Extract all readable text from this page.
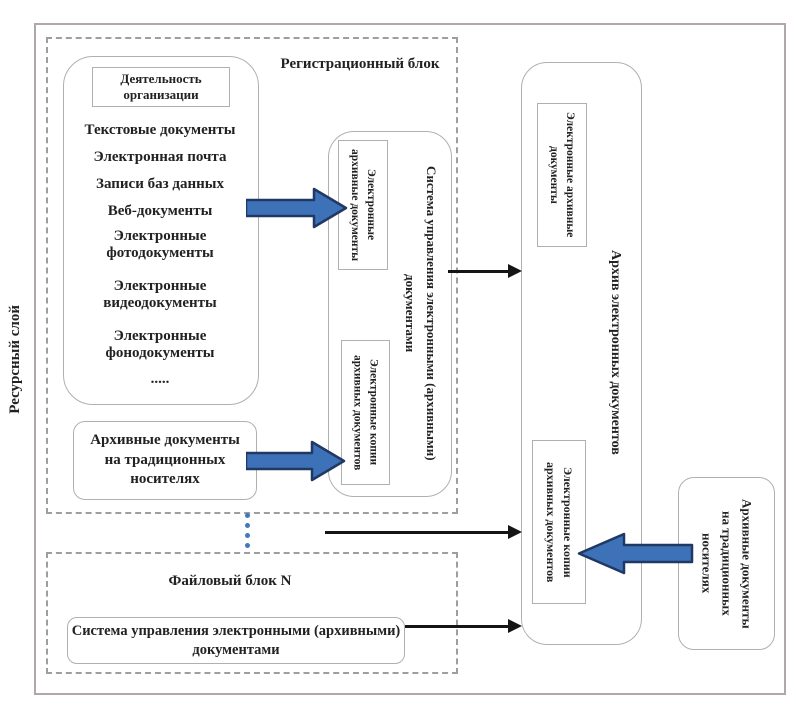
Ресурсный слой
Регистрационный блок
Деятельность организации
Текстовые документы
Электронная почта
Записи баз данных
Веб-документы
Электронные фотодокументы
Электронные видеодокументы
Электронные фонодокументы
.....
Архивные документы
на традиционных
носителях
Система управления электронными (архивными)
документами
Электронные
архивные документы
Электронные копии
архивных документов	Архив электронных документов
Электронные архивные
документы
Электронные копии
архивных документов	Архивные документы
на традиционных
носителях
Файловый блок N
Система управления электронными (архивными)
документами
